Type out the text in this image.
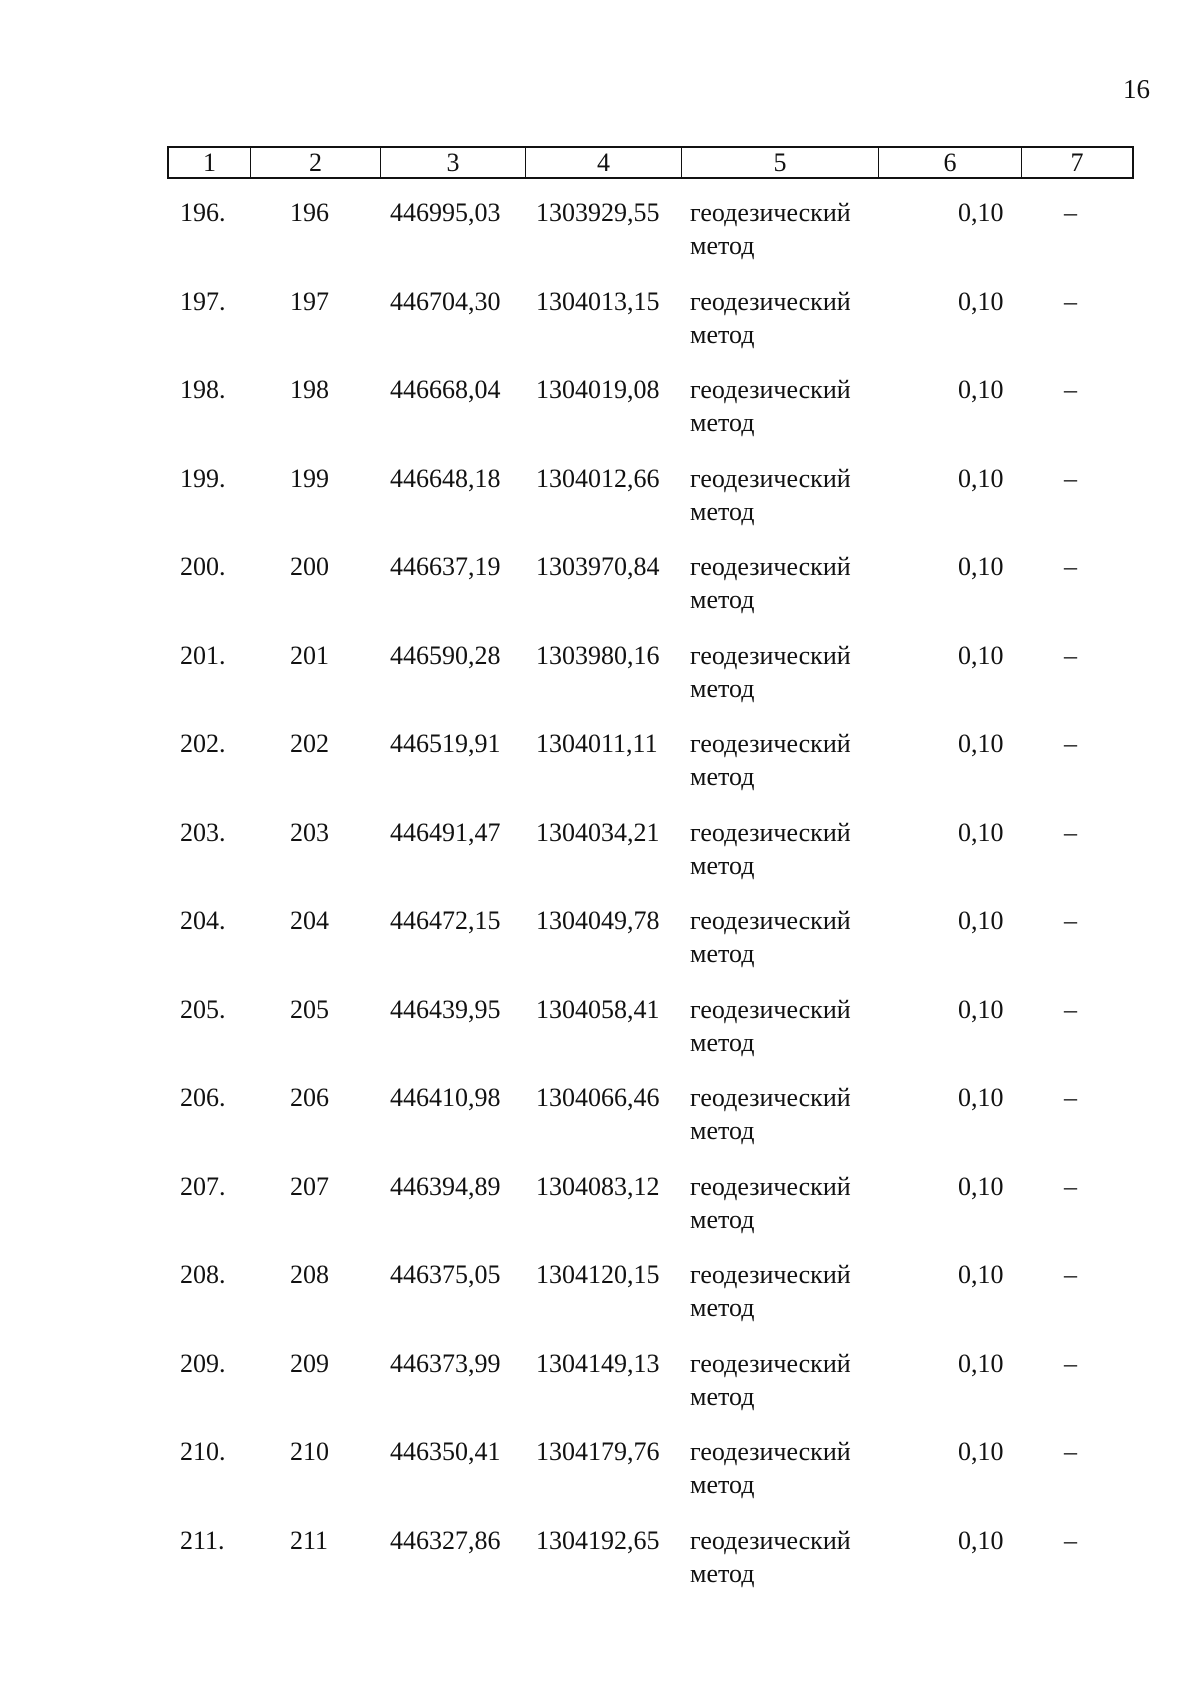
16
1	2	3	4	5	6	7
196. 196 446995,03 1303929,55 геодезический
метод
0,10 –
197. 197 446704,30 1304013,15 геодезический
метод
0,10 –
198. 198 446668,04 1304019,08 геодезический
метод
0,10 –
199. 199 446648,18 1304012,66 геодезический
метод
0,10 –
200. 200 446637,19 1303970,84 геодезический
метод
0,10 –
201. 201 446590,28 1303980,16 геодезический
метод
0,10 –
202. 202 446519,91 1304011,11 геодезический
метод
0,10 –
203. 203 446491,47 1304034,21 геодезический
метод
0,10 –
204. 204 446472,15 1304049,78 геодезический
метод
0,10 –
205. 205 446439,95 1304058,41 геодезический
метод
0,10 –
206. 206 446410,98 1304066,46 геодезический
метод
0,10 –
207. 207 446394,89 1304083,12 геодезический
метод
0,10 –
208. 208 446375,05 1304120,15 геодезический
метод
0,10 –
209. 209 446373,99 1304149,13 геодезический
метод
0,10 –
210. 210 446350,41 1304179,76 геодезический
метод
0,10 –
211.	211 446327,86 1304192,65 геодезический
метод
0,10 –
